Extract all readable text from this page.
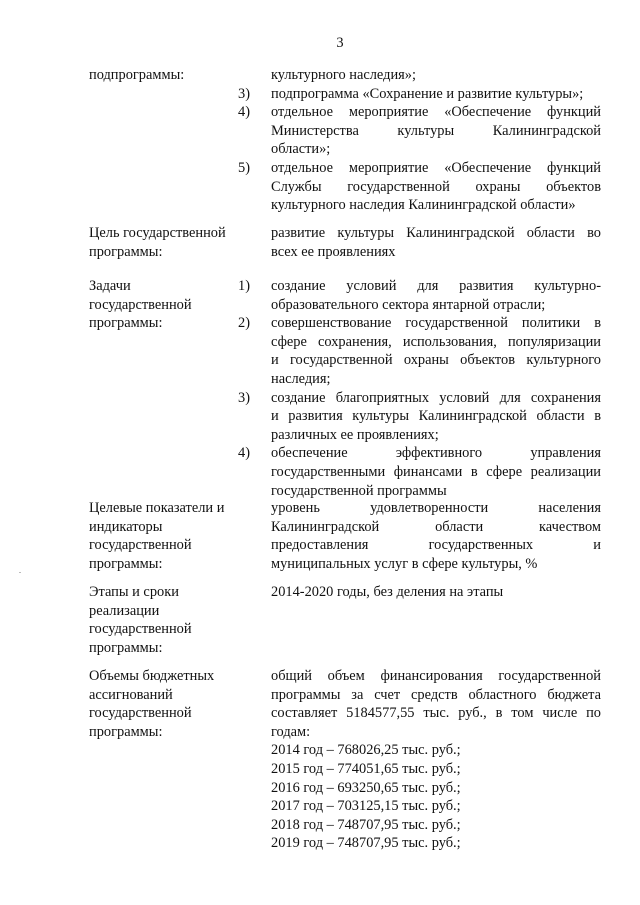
3
подпрограммы:	культурного наследия»;
3) подпрограмма «Сохранение и развитие культуры»;
4) отдельное мероприятие «Обеспечение функций
Министерства культуры Калининградской
области»;
5) отдельное мероприятие «Обеспечение функций
Службы государственной охраны объектов
культурного наследия Калининградской области»
Цель государственной
программы:
развитие культуры Калининградской области во
всех ее проявлениях
Задачи
государственной
программы:
1) создание условий для развития культурно-
образовательного сектора янтарной отрасли;
2) совершенствование государственной политики в
сфере сохранения, использования, популяризации
и государственной охраны объектов культурного
наследия;
3) создание благоприятных условий для сохранения
и развития культуры Калининградской области в
различных ее проявлениях;
4) обеспечение эффективного управления
государственными финансами в сфере реализации
государственной программы
Целевые показатели и
индикаторы
государственной
программы:
уровень удовлетворенности населения
Калининградской области качеством
предоставления государственных и
муниципальных услуг в сфере культуры, %
Этапы и сроки
реализации
государственной
программы:
2014-2020 годы, без деления на этапы
Объемы бюджетных
ассигнований
государственной
программы:
общий объем финансирования государственной
программы за счет средств областного бюджета
составляет 5184577,55 тыс. руб., в том числе по
годам:
2014 год – 768026,25 тыс. руб.;
2015 год – 774051,65 тыс. руб.;
2016 год – 693250,65 тыс. руб.;
2017 год – 703125,15 тыс. руб.;
2018 год – 748707,95 тыс. руб.;
2019 год – 748707,95 тыс. руб.;
